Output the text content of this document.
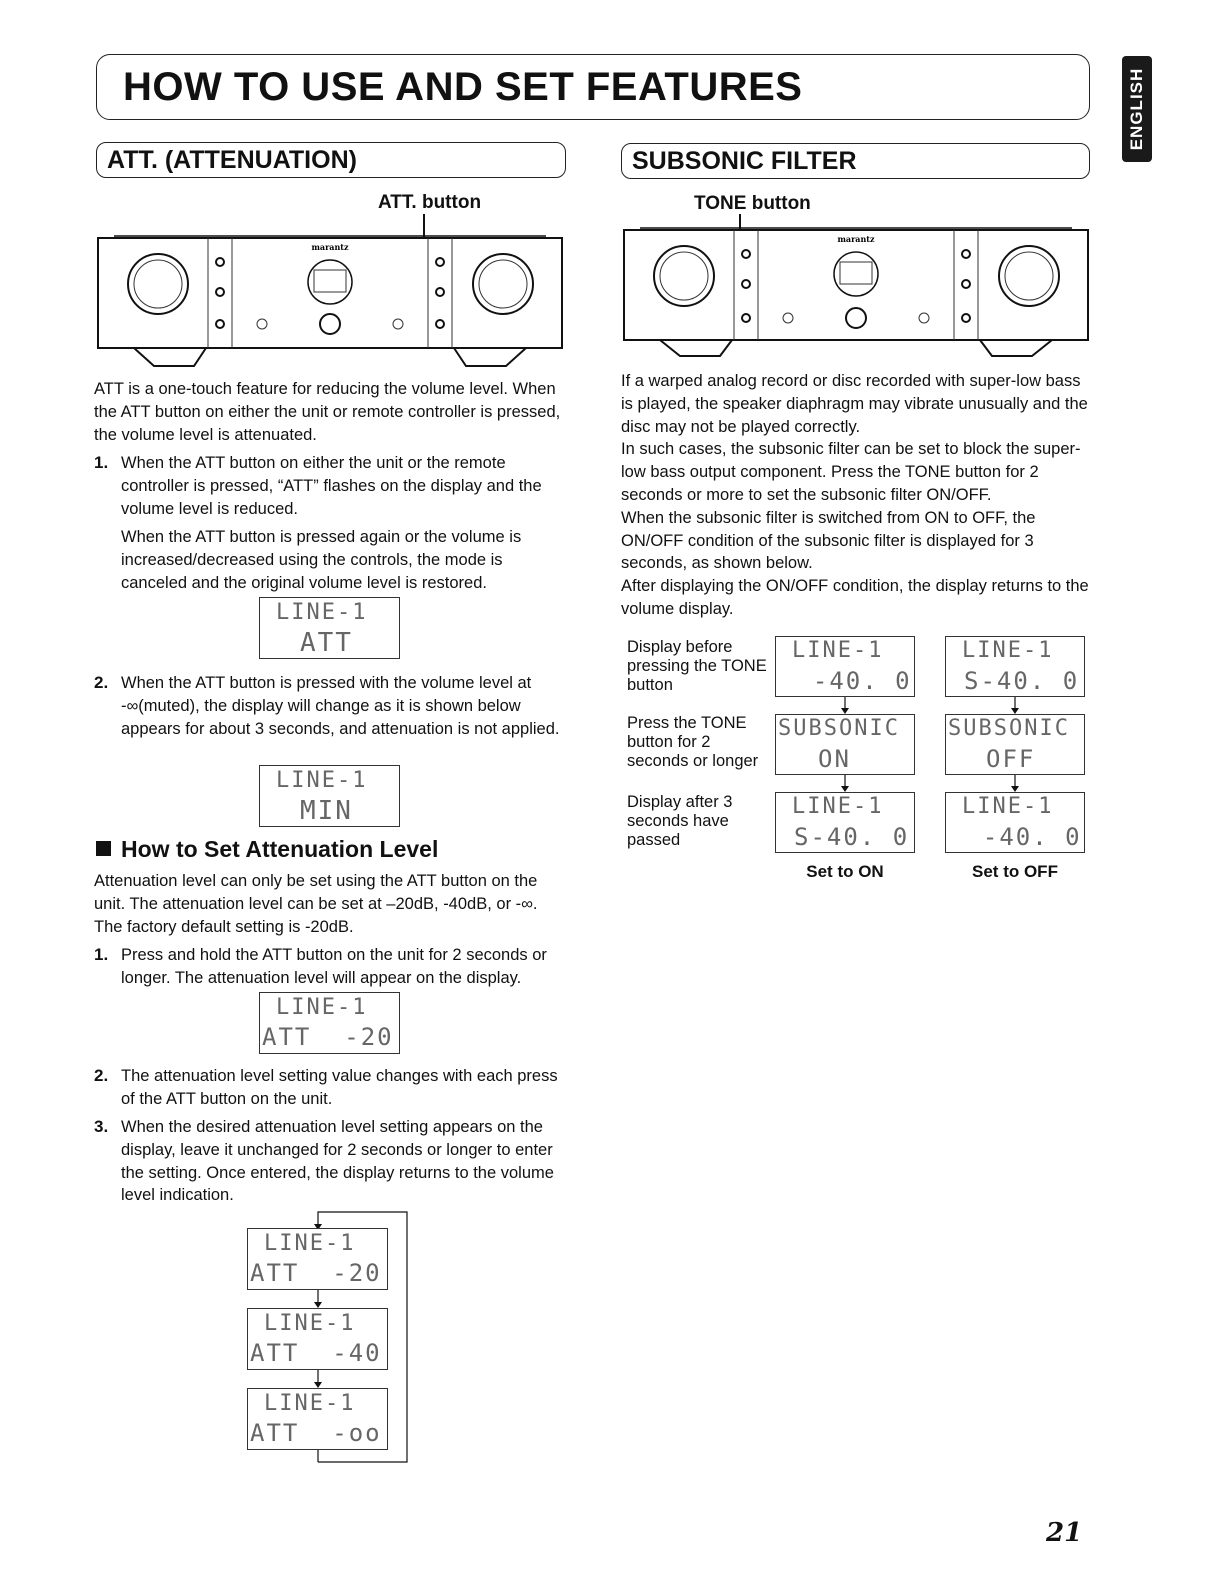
HOW TO USE AND SET FEATURES	ENGLISH
ATT. (ATTENUATION)
ATT. button
marantz
ATT is a one-touch feature for reducing the volume level. When the ATT button on either the unit or remote controller is pressed, the volume level is attenuated.
1. When the ATT button on either the unit or the remote controller is pressed, “ATT” flashes on the display and the volume level is reduced.

When the ATT button is pressed again or the volume is increased/decreased using the controls, the mode is canceled and the original volume level is restored.

LINE-1
ATT
2. When the ATT button is pressed with the volume level at -∞(muted), the display will change as it is shown below appears for about 3 seconds, and attenuation is not applied.

LINE-1
MIN
How to Set Attenuation Level
Attenuation level can only be set using the ATT button on the unit. The attenuation level can be set at –20dB, -40dB, or -∞. The factory default setting is -20dB.
1. Press and hold the ATT button on the unit for 2 seconds or longer. The attenuation level will appear on the display.

LINE-1
ATT  -20
2. The attenuation level setting value changes with each press of the ATT button on the unit.

3. When the desired attenuation level setting appears on the display, leave it unchanged for 2 seconds or longer to enter the setting. Once entered, the display returns to the volume level indication.

LINE-1
ATT  -20
LINE-1
ATT  -40
LINE-1
ATT  -oo
SUBSONIC FILTER
TONE button
marantz

If a warped analog record or disc recorded with super-low bass is played, the speaker diaphragm may vibrate unusually and the disc may not be played correctly.

In such cases, the subsonic filter can be set to block the super-low bass output component. Press the TONE button for 2 seconds or more to set the subsonic filter ON/OFF.

When the subsonic filter is switched from ON to OFF, the ON/OFF condition of the subsonic filter is displayed for 3 seconds, as shown below.

After displaying the ON/OFF condition, the display returns to the volume display.

Display before pressing the TONE button
Press the TONE button for 2 seconds or longer
Display after 3 seconds have passed
LINE-1
-40. 0
LINE-1
S-40. 0
SUBSONIC
ON
SUBSONIC
OFF
LINE-1
S-40. 0
LINE-1
-40. 0
Set to ON	Set to OFF
21
